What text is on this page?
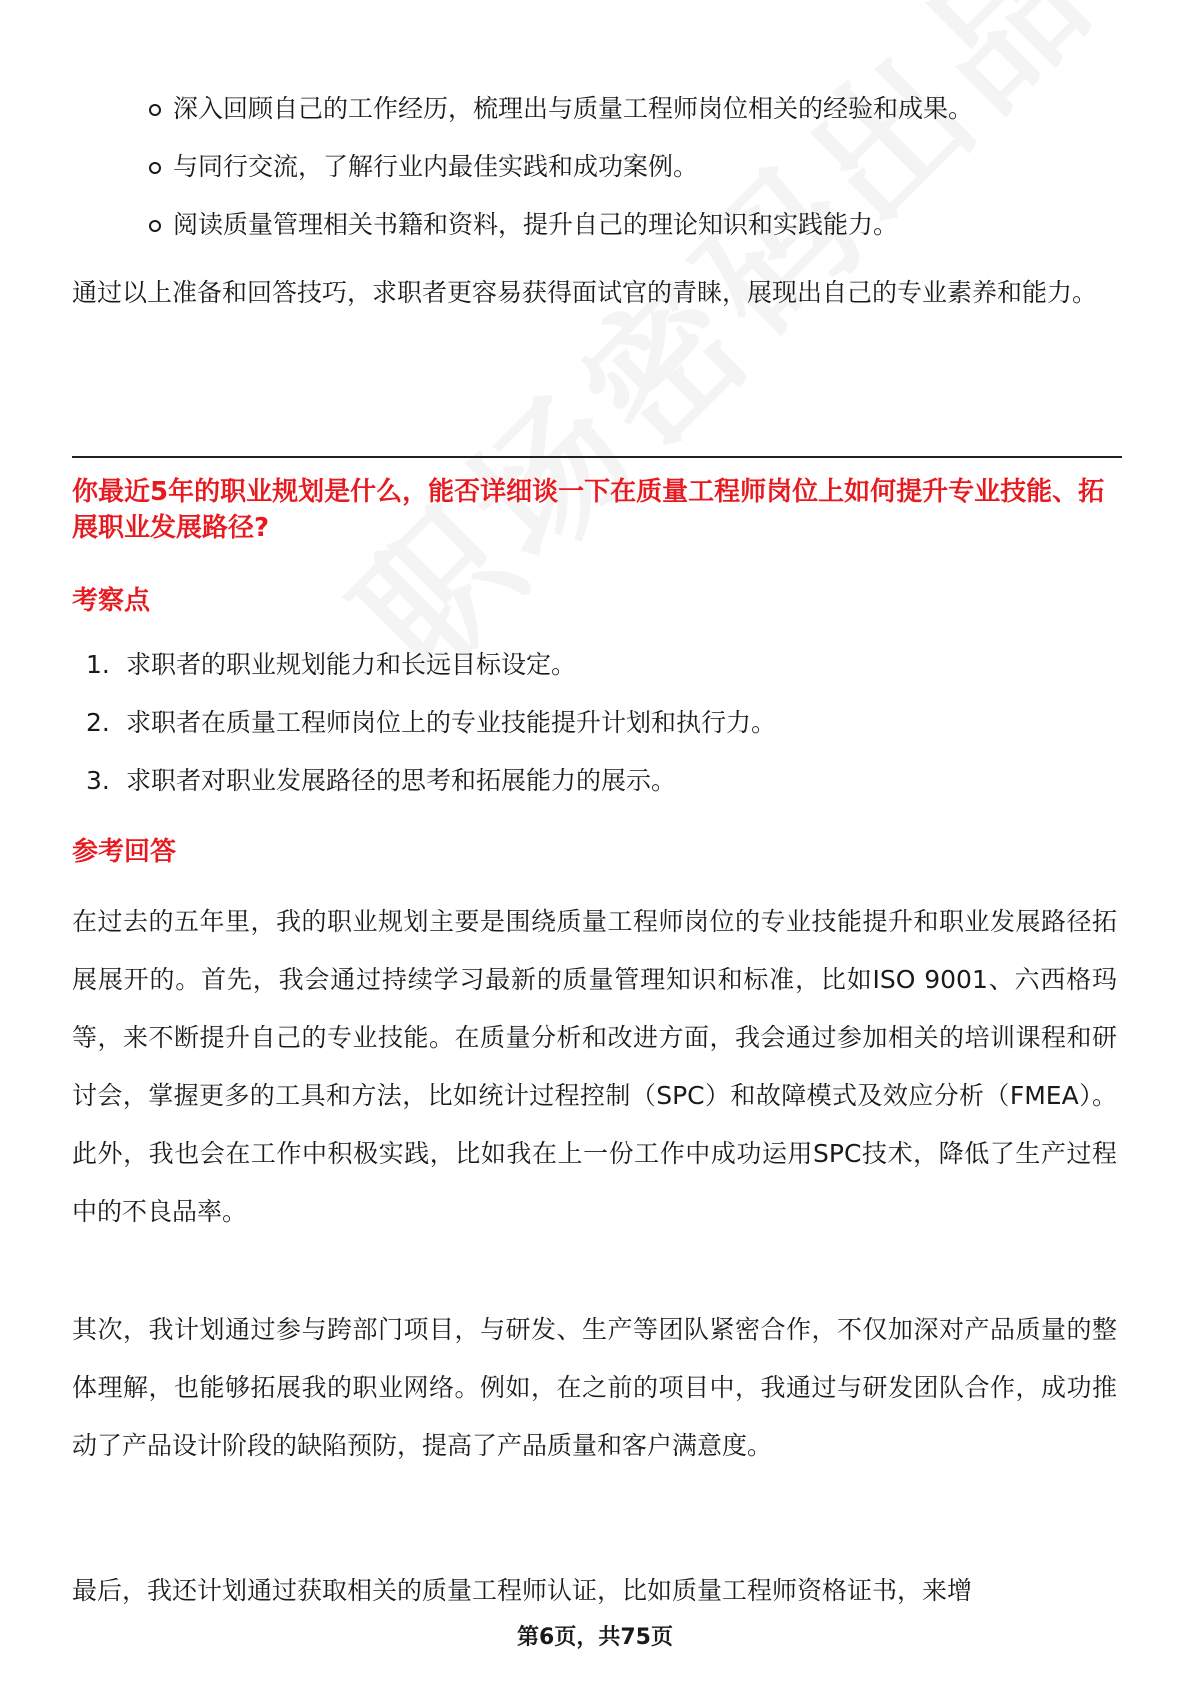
深入回顾自己的工作经历，梳理出与质量工程师岗位相关的经验和成果。
与同行交流，了解行业内最佳实践和成功案例。
阅读质量管理相关书籍和资料，提升自己的理论知识和实践能力。

通过以上准备和回答技巧，求职者更容易获得面试官的青睐，展现出自己的专业素养和能力。

你最近5年的职业规划是什么，能否详细谈一下在质量工程师岗位上如何提升专业技能、拓展职业发展路径?
考察点
1. 求职者的职业规划能力和长远目标设定。
2. 求职者在质量工程师岗位上的专业技能提升计划和执行力。
3. 求职者对职业发展路径的思考和拓展能力的展示。
参考回答

在过去的五年里，我的职业规划主要是围绕质量工程师岗位的专业技能提升和职业发展路径拓展展开的。首先，我会通过持续学习最新的质量管理知识和标准，比如ISO 9001、六西格玛等，来不断提升自己的专业技能。在质量分析和改进方面，我会通过参加相关的培训课程和研讨会，掌握更多的工具和方法，比如统计过程控制（SPC）和故障模式及效应分析（FMEA）。此外，我也会在工作中积极实践，比如我在上一份工作中成功运用SPC技术，降低了生产过程中的不良品率。

其次，我计划通过参与跨部门项目，与研发、生产等团队紧密合作，不仅加深对产品质量的整体理解，也能够拓展我的职业网络。例如，在之前的项目中，我通过与研发团队合作，成功推动了产品设计阶段的缺陷预防，提高了产品质量和客户满意度。

最后，我还计划通过获取相关的质量工程师认证，比如质量工程师资格证书，来增

第6页，共75页
